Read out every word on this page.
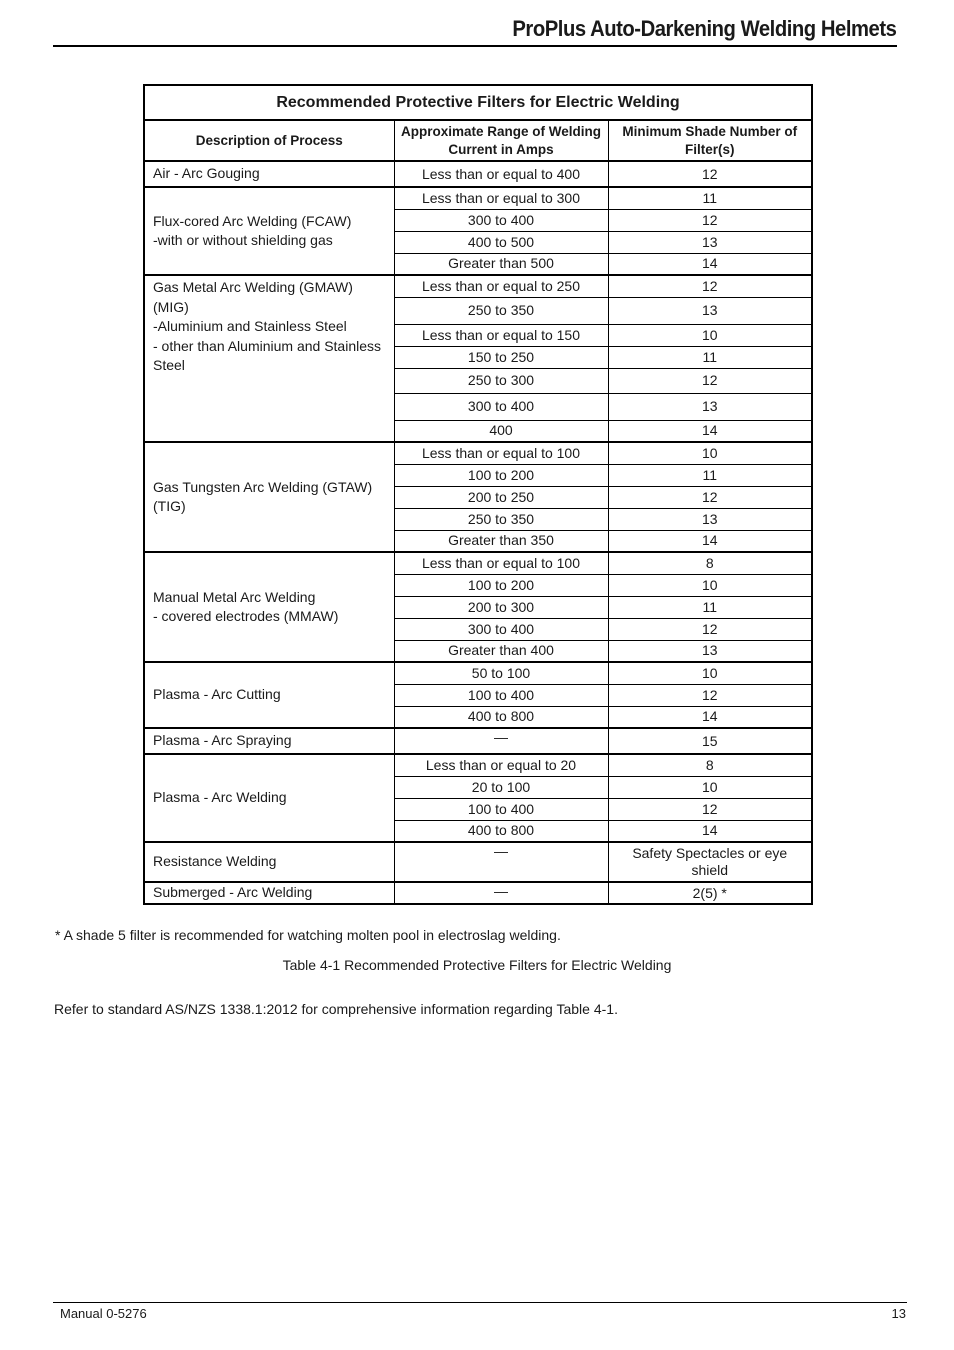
ProPlus Auto-Darkening Welding Helmets
Recommended Protective Filters for Electric Welding		
Description of Process	Approximate Range of Welding Current in Amps	Minimum Shade Number of Filter(s)
Air - Arc Gouging	Less than or equal to 400	12
Flux-cored Arc Welding (FCAW)
-with or without shielding gas	Less than or equal to 300	11
	300 to 400	12
	400 to 500	13
	Greater than 500	14
Gas Metal Arc Welding (GMAW) (MIG)
-Aluminium and Stainless Steel
- other than Aluminium and Stainless Steel	Less than or equal to 250	12
	250 to 350	13
	Less than or equal to 150	10
	150 to 250	11
	250 to 300	12
	300 to 400	13
	400	14
Gas Tungsten Arc Welding (GTAW) (TIG)	Less than or equal to 100	10
	100 to 200	11
	200 to 250	12
	250 to 350	13
	Greater than 350	14
Manual Metal Arc Welding
- covered electrodes (MMAW)	Less than or equal to 100	8
	100 to 200	10
	200 to 300	11
	300 to 400	12
	Greater than 400	13
Plasma - Arc Cutting	50 to 100	10
	100 to 400	12
	400 to 800	14
Plasma - Arc Spraying	—	15
Plasma - Arc Welding	Less than or equal to 20	8
	20 to 100	10
	100 to 400	12
	400 to 800	14
Resistance Welding	—	Safety Spectacles or eye shield
Submerged - Arc Welding	—	2(5) *
* A shade 5 filter is recommended for watching molten pool in electroslag welding.
Table 4-1 Recommended Protective Filters for Electric Welding
Refer to standard AS/NZS 1338.1:2012 for comprehensive information regarding Table 4-1.
Manual 0-5276	13
